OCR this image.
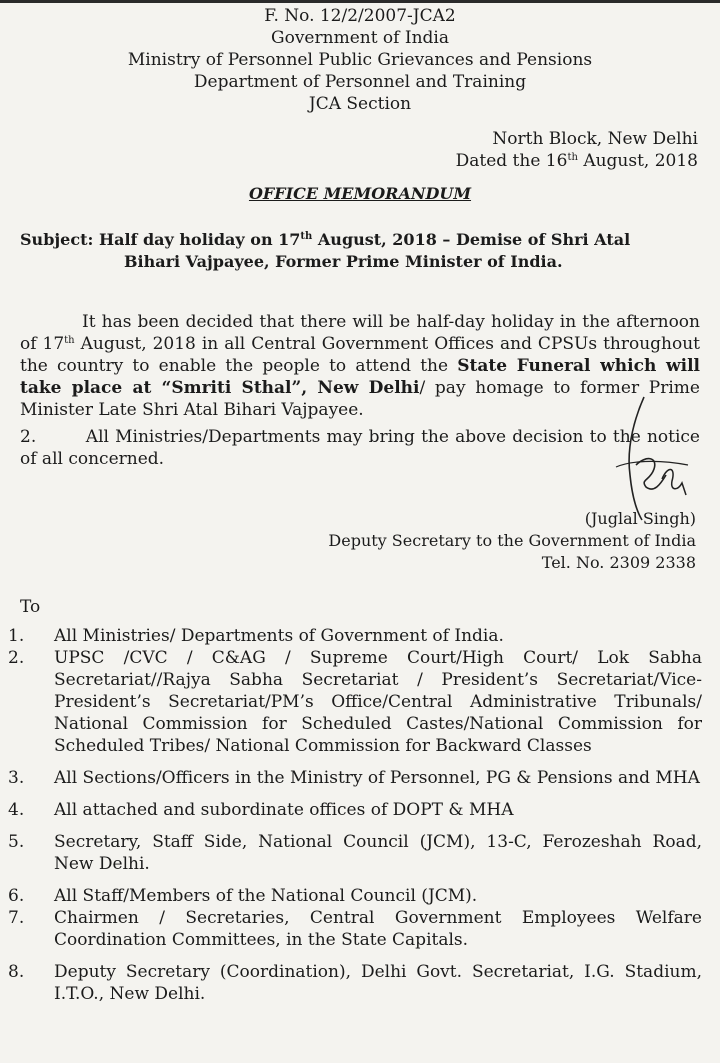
F. No. 12/2/2007-JCA2
Government of India
Ministry of Personnel Public Grievances and Pensions
Department of Personnel and Training
JCA Section
North Block, New Delhi
Dated the 16th August, 2018
OFFICE MEMORANDUM
Subject: Half day holiday on 17th August, 2018 – Demise of Shri Atal
Bihari Vajpayee, Former Prime Minister of India.
It has been decided that there will be half-day holiday in the afternoon of 17th August, 2018 in all Central Government Offices and CPSUs throughout the country to enable the people to attend the State Funeral which will take place at “Smriti Sthal”, New Delhi/ pay homage to former Prime Minister Late Shri Atal Bihari Vajpayee.
2.	All Ministries/Departments may bring the above decision to the notice of all concerned.
(Juglal Singh)
Deputy Secretary to the Government of India
Tel. No. 2309 2338
To
1.	All Ministries/ Departments of Government of India.
2.	UPSC /CVC / C&AG / Supreme Court/High Court/ Lok Sabha Secretariat//Rajya Sabha Secretariat / President’s Secretariat/Vice-President’s Secretariat/PM’s Office/Central Administrative Tribunals/ National Commission for Scheduled Castes/National Commission for Scheduled Tribes/ National Commission for Backward Classes
3.	All Sections/Officers in the Ministry of Personnel, PG & Pensions and MHA
4.	All attached and subordinate offices of DOPT & MHA
5.	Secretary, Staff Side, National Council (JCM), 13-C, Ferozeshah Road, New Delhi.
6.	All Staff/Members of the National Council (JCM).
7.	Chairmen / Secretaries, Central Government Employees Welfare Coordination Committees, in the State Capitals.
8.	Deputy Secretary (Coordination), Delhi Govt. Secretariat, I.G. Stadium, I.T.O., New Delhi.
